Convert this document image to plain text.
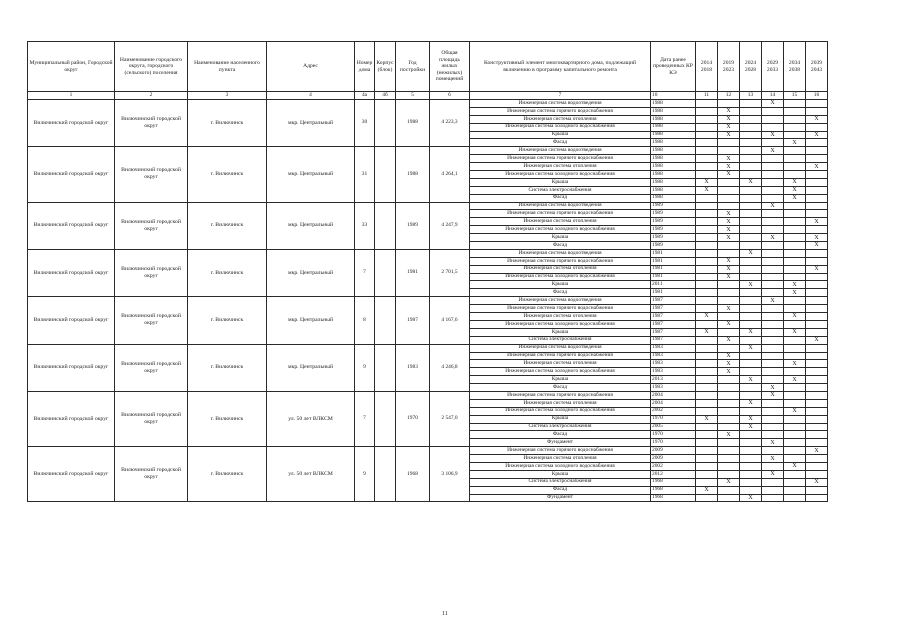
Муниципальный район, Городской округ	Наименование городского округа, городского (сельского) поселения	Наименование населенного пункта	Адрес	Номер дома	Корпус (блок)	Год постройки	Общая площадь жилых (нежилых) помещений	Конструктивный элемент многоквартирного дома, подлежащий включению в программу капитального ремонта	Дата ранее проведенных КР КЭ	2014 2018	2019 2023	2024 2028	2029 2033	2034 2038	2039 2043
1	2	3	4	4а	4б	5	6	7	10	11	12	13	14	15	16
Вилючинский городской округ	Вилючинский городской округ	г. Вилючинск	мкр. Центральный	30		1988	4 223,3	Инженерная система водоотведения	1988				X		
								Инженерная система горячего водоснабжения	1988		X				
								Инженерная система отопления	1988		X				X
								Инженерная система холодного водоснабжения	1988		X				
								Крыша	1988		X		X		X
								Фасад	1988					X	
Вилючинский городской округ	Вилючинский городской округ	г. Вилючинск	мкр. Центральный	31		1988	4 264,1	Инженерная система водоотведения	1988				X		
								Инженерная система горячего водоснабжения	1988		X				
								Инженерная система отопления	1988		X				X
								Инженерная система холодного водоснабжения	1988		X				
								Крыша	1988	X		X		X	
								Система электроснабжения	1988	X				X	
								Фасад	1988					X	
Вилючинский городской округ	Вилючинский городской округ	г. Вилючинск	мкр. Центральный	33		1989	4 247,9	Инженерная система водоотведения	1989				X		
								Инженерная система горячего водоснабжения	1989		X				
								Инженерная система отопления	1989		X				X
								Инженерная система холодного водоснабжения	1989		X				
								Крыша	1989		X		X		X
								Фасад	1989						X
Вилючинский городской округ	Вилючинский городской округ	г. Вилючинск	мкр. Центральный	7		1981	2 701,5	Инженерная система водоотведения	1981			X			
								Инженерная система горячего водоснабжения	1981		X				
								Инженерная система отопления	1981		X				X
								Инженерная система холодного водоснабжения	1981		X				
								Крыша	2011			X		X	
								Фасад	1981					X	
Вилючинский городской округ	Вилючинский городской округ	г. Вилючинск	мкр. Центральный	8		1987	4 167,6	Инженерная система водоотведения	1987				X		
								Инженерная система горячего водоснабжения	1987		X				
								Инженерная система отопления	1987	X				X	
								Инженерная система холодного водоснабжения	1987		X				
								Крыша	1987	X		X		X	
								Система электроснабжения	1987		X				X
Вилючинский городской округ	Вилючинский городской округ	г. Вилючинск	мкр. Центральный	9		1983	4 246,8	Инженерная система водоотведения	1983			X			
								Инженерная система горячего водоснабжения	1983		X				
								Инженерная система отопления	1983		X			X	
								Инженерная система холодного водоснабжения	1983		X				
								Крыша	2013			X		X	
								Фасад	1983				X		
Вилючинский городской округ	Вилючинский городской округ	г. Вилючинск	ул. 50 лет ВЛКСМ	7		1970	2 547,0	Инженерная система горячего водоснабжения	2004				X		
								Инженерная система отопления	2004			X			
								Инженерная система холодного водоснабжения	2002					X	
								Крыша	1970	X		X			
								Система электроснабжения	2005			X			
								Фасад	1970		X				
								Фундамент	1970				X		
Вилючинский городской округ	Вилючинский городской округ	г. Вилючинск	ул. 50 лет ВЛКСМ	9		1968	3 106,9	Инженерная система горячего водоснабжения	2009						X
								Инженерная система отопления	2009				X		
								Инженерная система холодного водоснабжения	2002					X	
								Крыша	2012				X		
								Система электроснабжения	1968		X				X
								Фасад	1968	X					
								Фундамент	1968			X			
11
